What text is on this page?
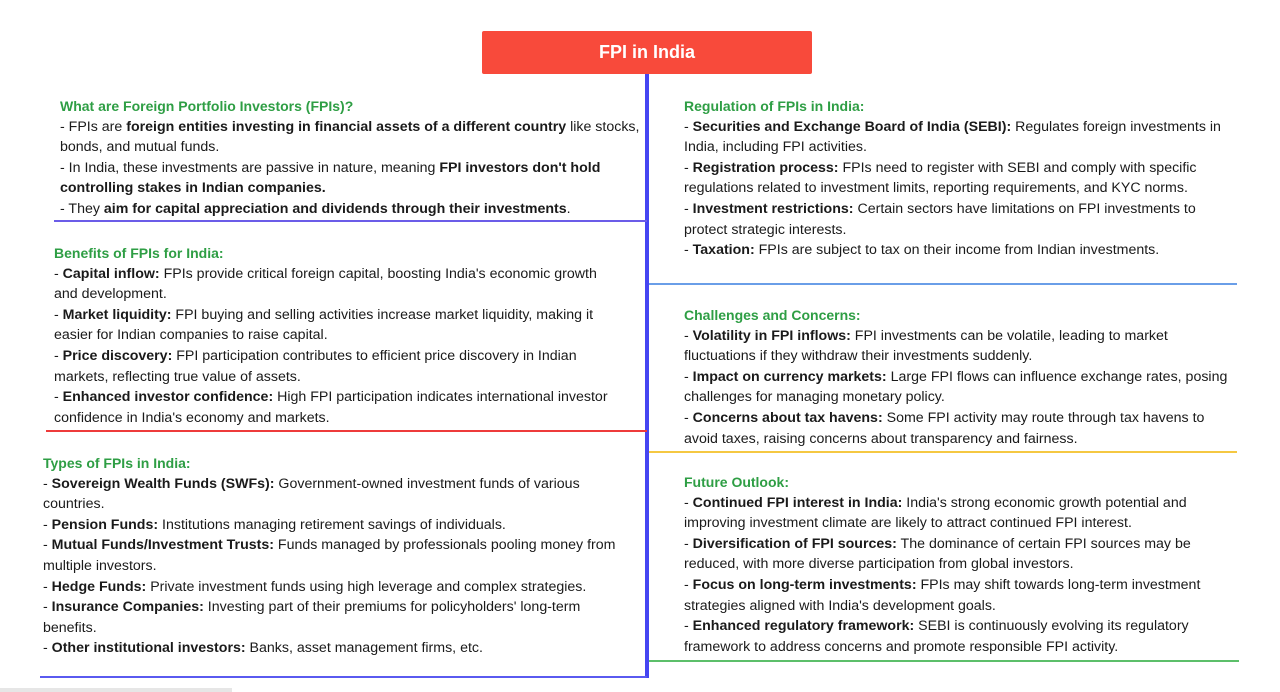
FPI in India
What are Foreign Portfolio Investors (FPIs)?
- FPIs are foreign entities investing in financial assets of a different country like stocks, bonds, and mutual funds.
- In India, these investments are passive in nature, meaning FPI investors don't hold controlling stakes in Indian companies.
- They aim for capital appreciation and dividends through their investments.
Benefits of FPIs for India:
- Capital inflow: FPIs provide critical foreign capital, boosting India's economic growth and development.
- Market liquidity: FPI buying and selling activities increase market liquidity, making it easier for Indian companies to raise capital.
- Price discovery: FPI participation contributes to efficient price discovery in Indian markets, reflecting true value of assets.
- Enhanced investor confidence: High FPI participation indicates international investor confidence in India's economy and markets.
Types of FPIs in India:
- Sovereign Wealth Funds (SWFs): Government-owned investment funds of various countries.
- Pension Funds: Institutions managing retirement savings of individuals.
- Mutual Funds/Investment Trusts: Funds managed by professionals pooling money from multiple investors.
- Hedge Funds: Private investment funds using high leverage and complex strategies.
- Insurance Companies: Investing part of their premiums for policyholders' long-term benefits.
- Other institutional investors: Banks, asset management firms, etc.
Regulation of FPIs in India:
- Securities and Exchange Board of India (SEBI): Regulates foreign investments in India, including FPI activities.
- Registration process: FPIs need to register with SEBI and comply with specific regulations related to investment limits, reporting requirements, and KYC norms.
- Investment restrictions: Certain sectors have limitations on FPI investments to protect strategic interests.
- Taxation: FPIs are subject to tax on their income from Indian investments.
Challenges and Concerns:
- Volatility in FPI inflows: FPI investments can be volatile, leading to market fluctuations if they withdraw their investments suddenly.
- Impact on currency markets: Large FPI flows can influence exchange rates, posing challenges for managing monetary policy.
- Concerns about tax havens: Some FPI activity may route through tax havens to avoid taxes, raising concerns about transparency and fairness.
Future Outlook:
- Continued FPI interest in India: India's strong economic growth potential and improving investment climate are likely to attract continued FPI interest.
- Diversification of FPI sources: The dominance of certain FPI sources may be reduced, with more diverse participation from global investors.
- Focus on long-term investments: FPIs may shift towards long-term investment strategies aligned with India's development goals.
- Enhanced regulatory framework: SEBI is continuously evolving its regulatory framework to address concerns and promote responsible FPI activity.
